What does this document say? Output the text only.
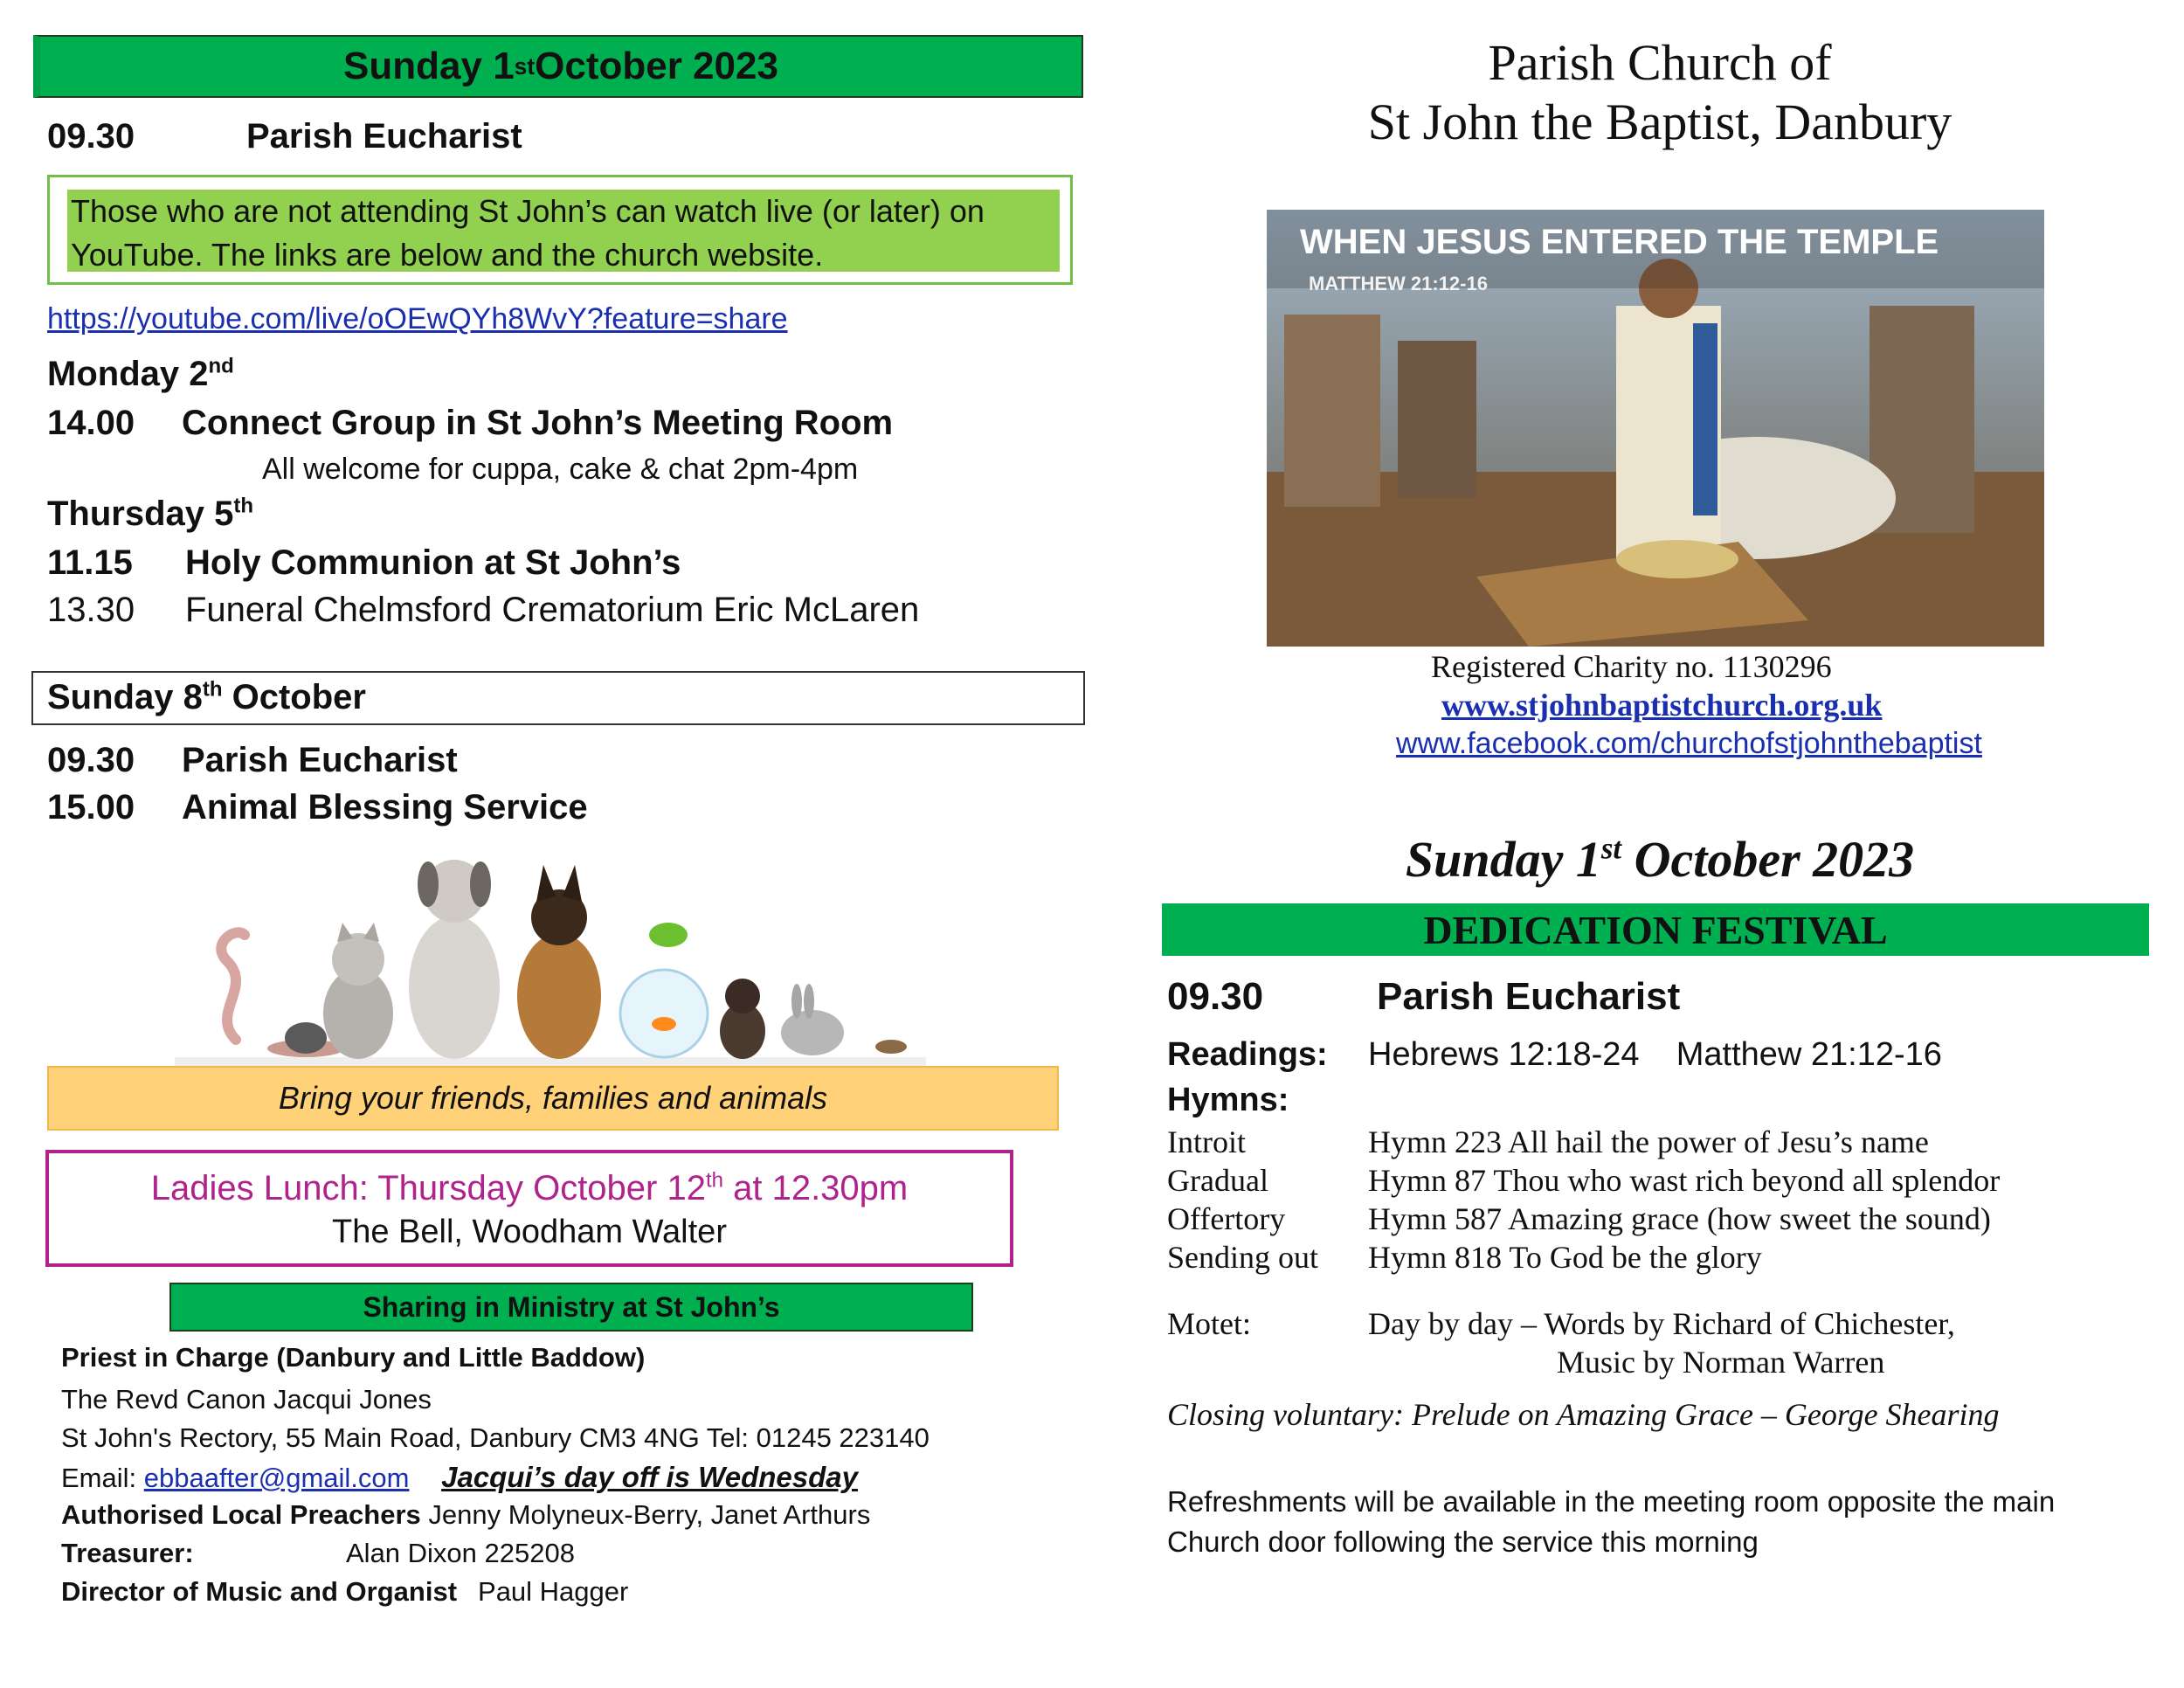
Sunday 1 st October 2023
09.30	Parish Eucharist
Those who are not attending St John’s can watch live (or later) on YouTube. The links are below and the church website.
https://youtube.com/live/oOEwQYh8WvY?feature=share
Monday 2nd
14.00	Connect Group in St John’s Meeting Room
All welcome for cuppa, cake & chat 2pm-4pm
Thursday 5th
11.15	Holy Communion at St John’s
13.30	Funeral Chelmsford Crematorium Eric McLaren
Sunday 8th October
09.30	Parish Eucharist
15.00	Animal Blessing Service
Bring your friends, families and animals
Ladies Lunch: Thursday October 12th at 12.30pm
The Bell, Woodham Walter
Sharing in Ministry at St John’s
Priest in Charge (Danbury and Little Baddow)
The Revd Canon Jacqui Jones
St John's Rectory, 55 Main Road, Danbury CM3 4NG Tel: 01245 223140
Email: ebbaafter@gmail.com Jacqui’s day off is Wednesday
Authorised Local Preachers Jenny Molyneux-Berry, Janet Arthurs
Treasurer:	Alan Dixon 225208
Director of Music and Organist Paul Hagger
Parish Church of
St John the Baptist, Danbury
WHEN JESUS ENTERED THE TEMPLE
MATTHEW 21:12-16
Registered Charity no. 1130296
www.stjohnbaptistchurch.org.uk
www.facebook.com/churchofstjohnthebaptist
Sunday 1st October 2023
DEDICATION FESTIVAL
09.30	Parish Eucharist
Readings: Hebrews 12:18-24    Matthew 21:12-16
Hymns:
Introit	Hymn 223 All hail the power of Jesu’s name
Gradual	Hymn 87 Thou who wast rich beyond all splendor
Offertory	Hymn 587 Amazing grace (how sweet the sound)
Sending out Hymn 818 To God be the glory
Motet:	Day by day – Words by Richard of Chichester,
Music by Norman Warren
Closing voluntary: Prelude on Amazing Grace – George Shearing
Refreshments will be available in the meeting room opposite the main
Church door following the service this morning
